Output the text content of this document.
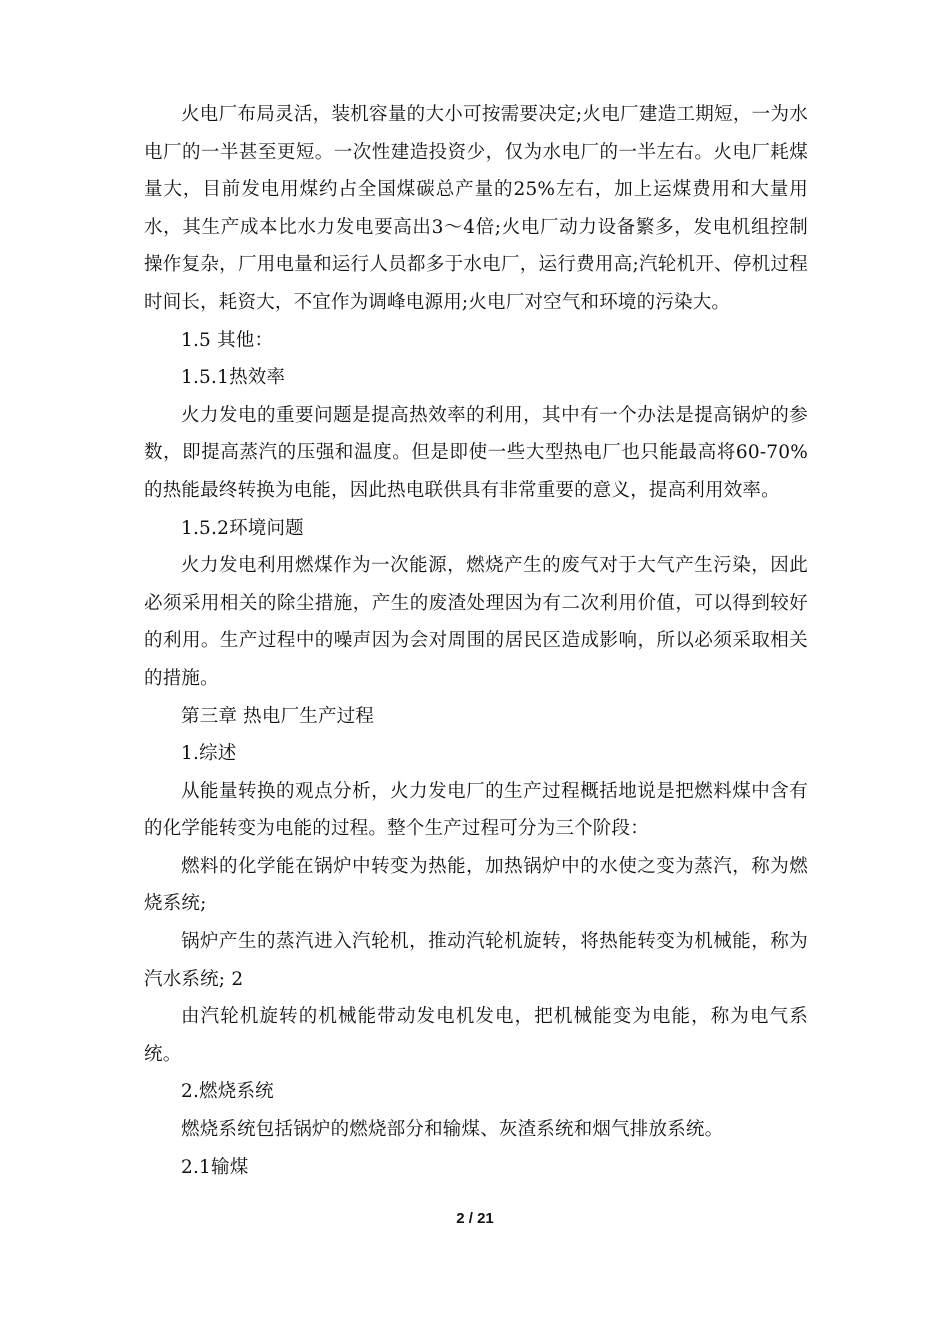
火电厂布局灵活，装机容量的大小可按需要决定;火电厂建造工期短，一为水电厂的一半甚至更短。一次性建造投资少，仅为水电厂的一半左右。火电厂耗煤量大，目前发电用煤约占全国煤碳总产量的25%左右，加上运煤费用和大量用水，其生产成本比水力发电要高出3～4倍;火电厂动力设备繁多，发电机组控制操作复杂，厂用电量和运行人员都多于水电厂，运行费用高;汽轮机开、停机过程时间长，耗资大，不宜作为调峰电源用;火电厂对空气和环境的污染大。

1.5 其他：

1.5.1热效率

火力发电的重要问题是提高热效率的利用，其中有一个办法是提高锅炉的参数，即提高蒸汽的压强和温度。但是即使一些大型热电厂也只能最高将60-70%的热能最终转换为电能，因此热电联供具有非常重要的意义，提高利用效率。

1.5.2环境问题

火力发电利用燃煤作为一次能源，燃烧产生的废气对于大气产生污染，因此必须采用相关的除尘措施，产生的废渣处理因为有二次利用价值，可以得到较好的利用。生产过程中的噪声因为会对周围的居民区造成影响，所以必须采取相关的措施。

第三章 热电厂生产过程

1.综述

从能量转换的观点分析，火力发电厂的生产过程概括地说是把燃料煤中含有的化学能转变为电能的过程。整个生产过程可分为三个阶段：

燃料的化学能在锅炉中转变为热能，加热锅炉中的水使之变为蒸汽，称为燃烧系统;

锅炉产生的蒸汽进入汽轮机，推动汽轮机旋转，将热能转变为机械能，称为汽水系统; 2

由汽轮机旋转的机械能带动发电机发电，把机械能变为电能，称为电气系统。

2.燃烧系统

燃烧系统包括锅炉的燃烧部分和输煤、灰渣系统和烟气排放系统。

2.1输煤

2 / 21
